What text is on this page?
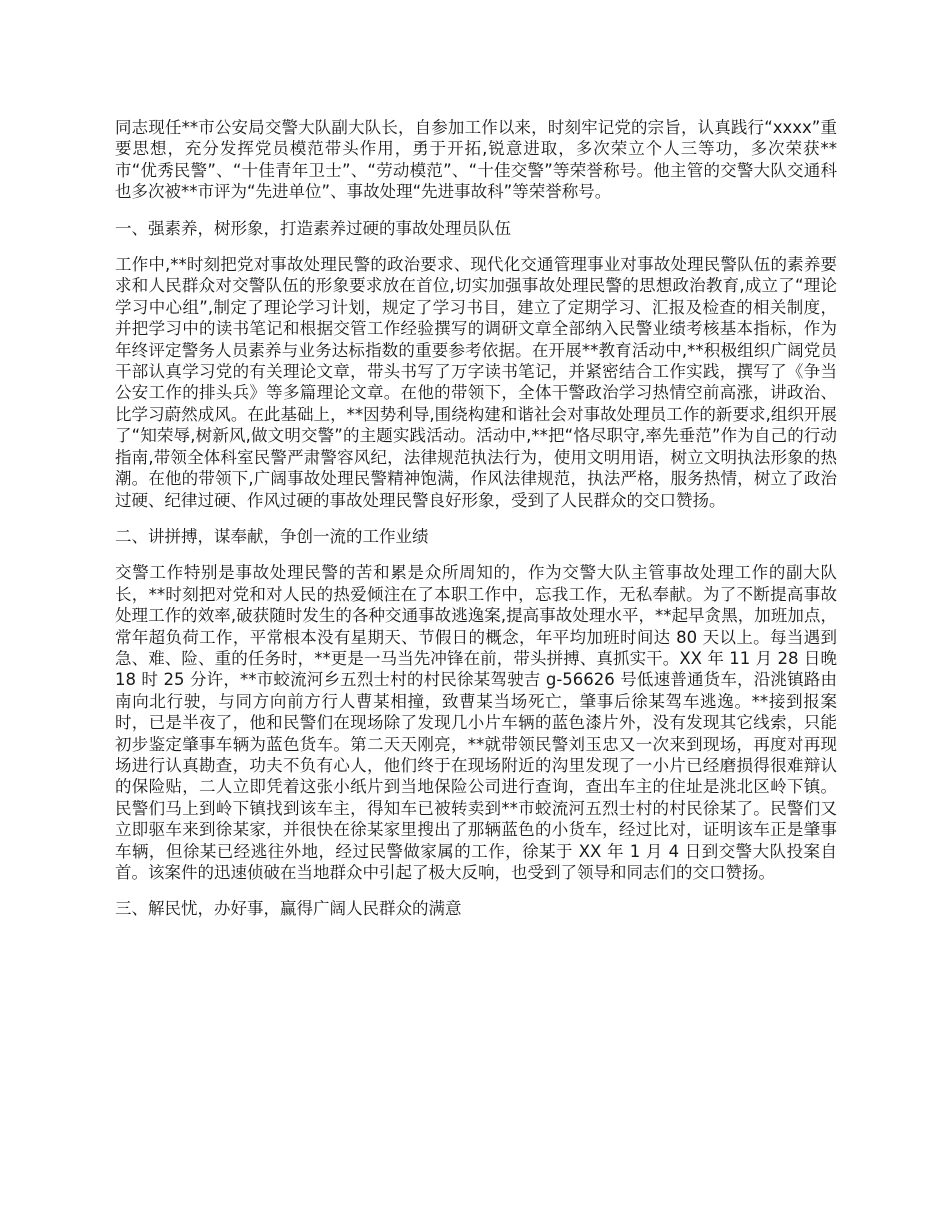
同志现任**市公安局交警大队副大队长，自参加工作以来，时刻牢记党的宗旨，认真践行“xxxx”重要思想，充分发挥党员模范带头作用，勇于开拓,锐意进取，多次荣立个人三等功，多次荣获**市“优秀民警”、“十佳青年卫士”、“劳动模范”、“十佳交警”等荣誉称号。他主管的交警大队交通科也多次被**市评为“先进单位”、事故处理“先进事故科”等荣誉称号。

一、强素养，树形象，打造素养过硬的事故处理员队伍

工作中,**时刻把党对事故处理民警的政治要求、现代化交通管理事业对事故处理民警队伍的素养要求和人民群众对交警队伍的形象要求放在首位,切实加强事故处理民警的思想政治教育,成立了“理论学习中心组”,制定了理论学习计划，规定了学习书目，建立了定期学习、汇报及检查的相关制度，并把学习中的读书笔记和根据交管工作经验撰写的调研文章全部纳入民警业绩考核基本指标，作为年终评定警务人员素养与业务达标指数的重要参考依据。在开展**教育活动中,**积极组织广阔党员干部认真学习党的有关理论文章，带头书写了万字读书笔记，并紧密结合工作实践，撰写了《争当公安工作的排头兵》等多篇理论文章。在他的带领下，全体干警政治学习热情空前高涨，讲政治、比学习蔚然成风。在此基础上，**因势利导,围绕构建和谐社会对事故处理员工作的新要求,组织开展了“知荣辱,树新风,做文明交警”的主题实践活动。活动中,**把“恪尽职守,率先垂范”作为自己的行动指南,带领全体科室民警严肃警容风纪，法律规范执法行为，使用文明用语，树立文明执法形象的热潮。在他的带领下,广阔事故处理民警精神饱满，作风法律规范，执法严格，服务热情，树立了政治过硬、纪律过硬、作风过硬的事故处理民警良好形象，受到了人民群众的交口赞扬。

二、讲拼搏，谋奉献，争创一流的工作业绩

交警工作特别是事故处理民警的苦和累是众所周知的，作为交警大队主管事故处理工作的副大队长，**时刻把对党和对人民的热爱倾注在了本职工作中，忘我工作，无私奉献。为了不断提高事故处理工作的效率,破获随时发生的各种交通事故逃逸案,提高事故处理水平，**起早贪黑，加班加点，常年超负荷工作，平常根本没有星期天、节假日的概念，年平均加班时间达 80 天以上。每当遇到急、难、险、重的任务时，**更是一马当先冲锋在前，带头拼搏、真抓实干。XX 年 11 月 28 日晚 18 时 25 分许，**市蛟流河乡五烈士村的村民徐某驾驶吉 g-56626 号低速普通货车，沿洮镇路由南向北行驶，与同方向前方行人曹某相撞，致曹某当场死亡，肇事后徐某驾车逃逸。**接到报案时，已是半夜了，他和民警们在现场除了发现几小片车辆的蓝色漆片外，没有发现其它线索，只能初步鉴定肇事车辆为蓝色货车。第二天天刚亮，**就带领民警刘玉忠又一次来到现场，再度对再现场进行认真勘查，功夫不负有心人，他们终于在现场附近的沟里发现了一小片已经磨损得很难辩认的保险贴，二人立即凭着这张小纸片到当地保险公司进行查询，查出车主的住址是洮北区岭下镇。民警们马上到岭下镇找到该车主，得知车已被转卖到**市蛟流河五烈士村的村民徐某了。民警们又立即驱车来到徐某家，并很快在徐某家里搜出了那辆蓝色的小货车，经过比对，证明该车正是肇事车辆，但徐某已经逃往外地，经过民警做家属的工作，徐某于 XX 年 1 月 4 日到交警大队投案自首。该案件的迅速侦破在当地群众中引起了极大反响，也受到了领导和同志们的交口赞扬。

三、解民忧，办好事，赢得广阔人民群众的满意
